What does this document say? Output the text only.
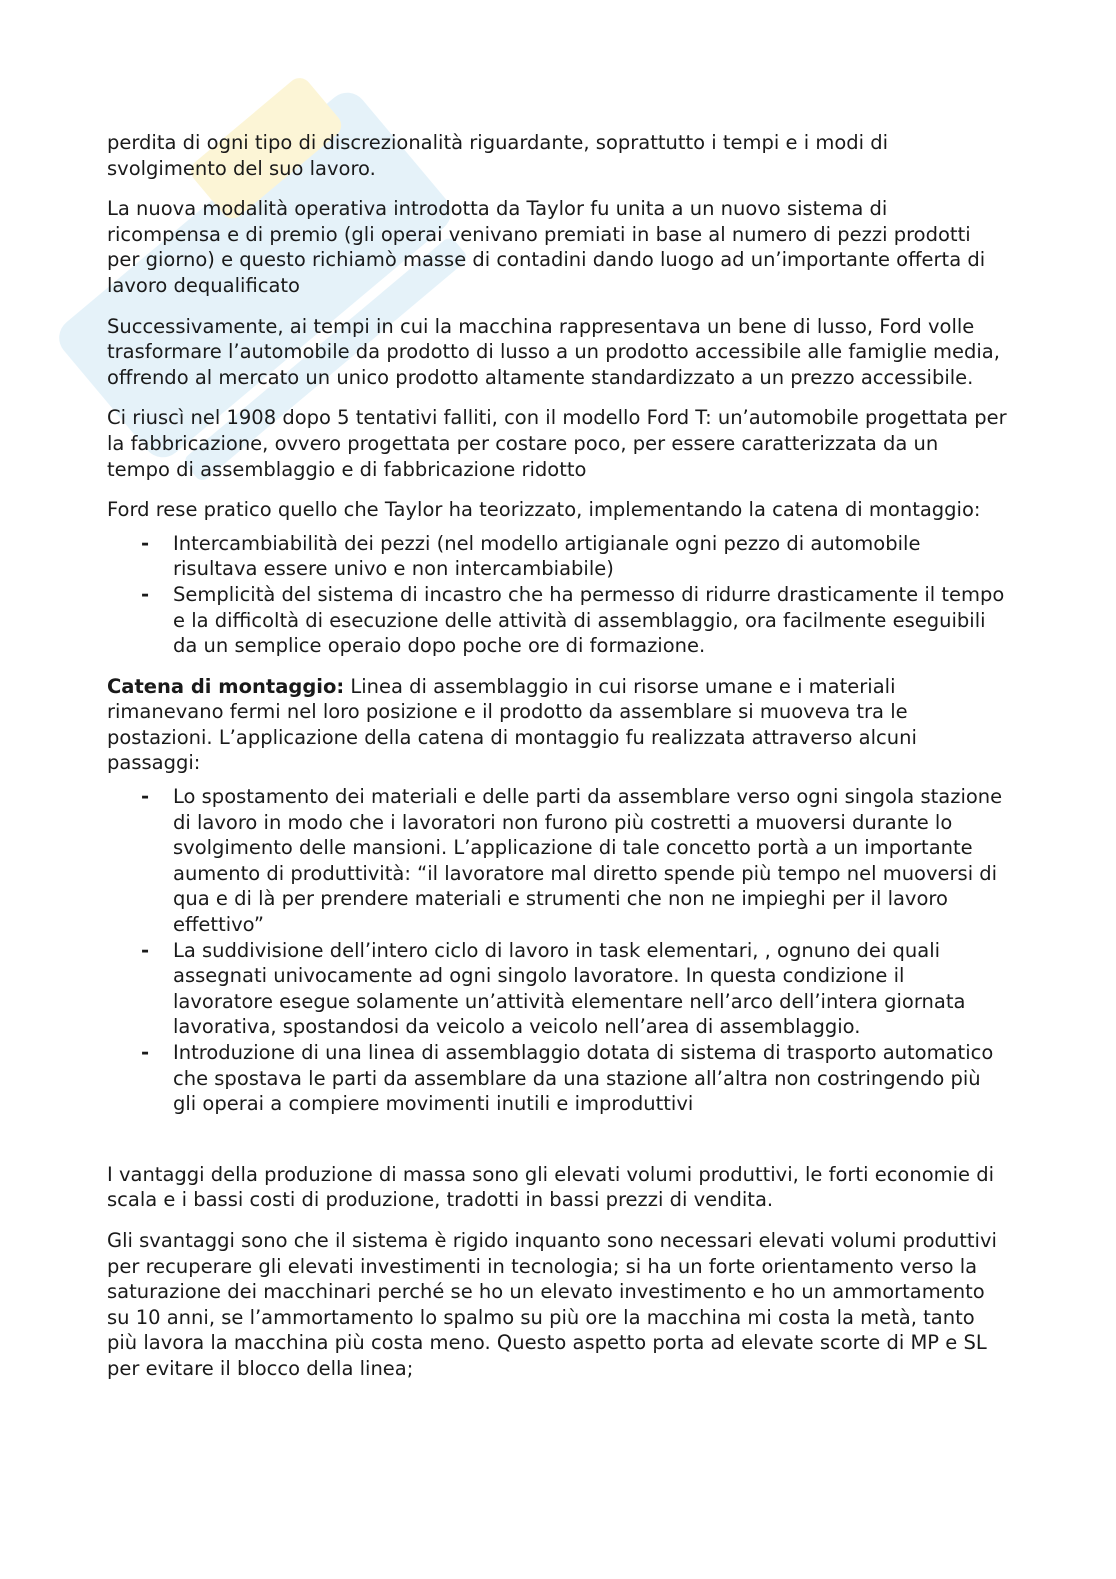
perdita di ogni tipo di discrezionalità riguardante, soprattutto i tempi e i modi di svolgimento del suo lavoro.

La nuova modalità operativa introdotta da Taylor fu unita a un nuovo sistema di ricompensa e di premio (gli operai venivano premiati in base al numero di pezzi prodotti per giorno) e questo richiamò masse di contadini dando luogo ad un’importante offerta di lavoro dequalificato

Successivamente, ai tempi in cui la macchina rappresentava un bene di lusso, Ford volle trasformare l’automobile da prodotto di lusso a un prodotto accessibile alle famiglie media, offrendo al mercato un unico prodotto altamente standardizzato a un prezzo accessibile.

Ci riuscì nel 1908 dopo 5 tentativi falliti, con il modello Ford T: un’automobile progettata per la fabbricazione, ovvero progettata per costare poco, per essere caratterizzata da un tempo di assemblaggio e di fabbricazione ridotto

Ford rese pratico quello che Taylor ha teorizzato, implementando la catena di montaggio:

- Intercambiabilità dei pezzi (nel modello artigianale ogni pezzo di automobile risultava essere univo e non intercambiabile)
- Semplicità del sistema di incastro che ha permesso di ridurre drasticamente il tempo e la difficoltà di esecuzione delle attività di assemblaggio, ora facilmente eseguibili da un semplice operaio dopo poche ore di formazione.

Catena di montaggio: Linea di assemblaggio in cui risorse umane e i materiali rimanevano fermi nel loro posizione e il prodotto da assemblare si muoveva tra le postazioni. L’applicazione della catena di montaggio fu realizzata attraverso alcuni passaggi:

- Lo spostamento dei materiali e delle parti da assemblare verso ogni singola stazione di lavoro in modo che i lavoratori non furono più costretti a muoversi durante lo svolgimento delle mansioni. L’applicazione di tale concetto portà a un importante aumento di produttività: “il lavoratore mal diretto spende più tempo nel muoversi di qua e di là per prendere materiali e strumenti che non ne impieghi per il lavoro effettivo”
- La suddivisione dell’intero ciclo di lavoro in task elementari, , ognuno dei quali assegnati univocamente ad ogni singolo lavoratore. In questa condizione il lavoratore esegue solamente un’attività elementare nell’arco dell’intera giornata lavorativa, spostandosi da veicolo a veicolo nell’area di assemblaggio.
- Introduzione di una linea di assemblaggio dotata di sistema di trasporto automatico che spostava le parti da assemblare da una stazione all’altra non costringendo più gli operai a compiere movimenti inutili e improduttivi

I vantaggi della produzione di massa sono gli elevati volumi produttivi, le forti economie di scala e i bassi costi di produzione, tradotti in bassi prezzi di vendita.

Gli svantaggi sono che il sistema è rigido inquanto sono necessari elevati volumi produttivi per recuperare gli elevati investimenti in tecnologia; si ha un forte orientamento verso la saturazione dei macchinari perché se ho un elevato investimento e ho un ammortamento su 10 anni, se l’ammortamento lo spalmo su più ore la macchina mi costa la metà, tanto più lavora la macchina più costa meno. Questo aspetto porta ad elevate scorte di MP e SL per evitare il blocco della linea;
